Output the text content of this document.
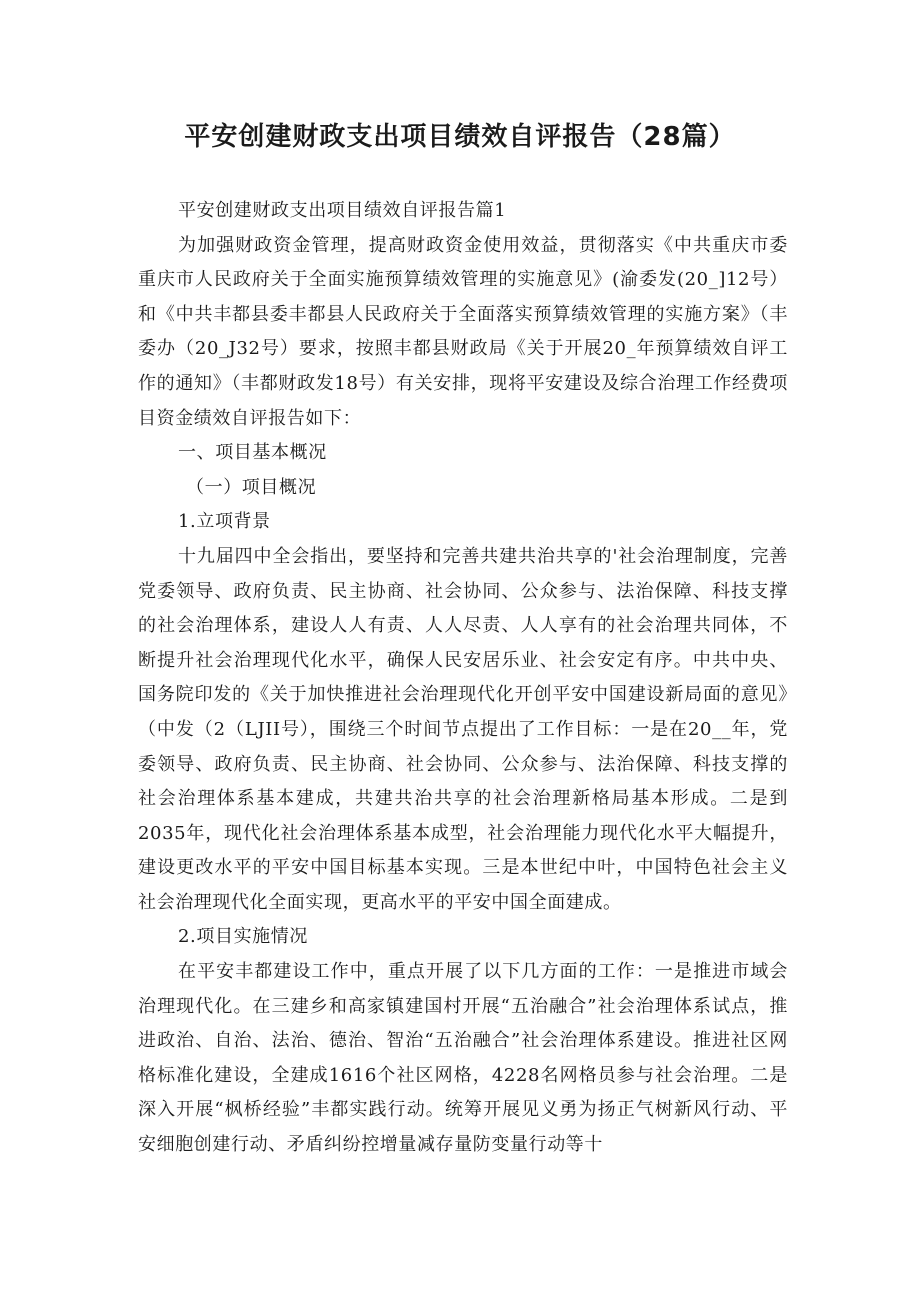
平安创建财政支出项目绩效自评报告（28篇）

平安创建财政支出项目绩效自评报告篇1

为加强财政资金管理，提高财政资金使用效益，贯彻落实《中共重庆市委重庆市人民政府关于全面实施预算绩效管理的实施意见》(渝委发(20_]12号）和《中共丰都县委丰都县人民政府关于全面落实预算绩效管理的实施方案》（丰委办（20_J32号）要求，按照丰都县财政局《关于开展20_年预算绩效自评工作的通知》（丰都财政发18号）有关安排，现将平安建设及综合治理工作经费项目资金绩效自评报告如下：

一、项目基本概况

（一）项目概况

1.立项背景

十九届四中全会指出，要坚持和完善共建共治共享的'社会治理制度，完善党委领导、政府负责、民主协商、社会协同、公众参与、法治保障、科技支撑的社会治理体系，建设人人有责、人人尽责、人人享有的社会治理共同体，不断提升社会治理现代化水平，确保人民安居乐业、社会安定有序。中共中央、国务院印发的《关于加快推进社会治理现代化开创平安中国建设新局面的意见》（中发（2（LJII号），围绕三个时间节点提出了工作目标：一是在20__年，党委领导、政府负责、民主协商、社会协同、公众参与、法治保障、科技支撑的社会治理体系基本建成，共建共治共享的社会治理新格局基本形成。二是到2035年，现代化社会治理体系基本成型，社会治理能力现代化水平大幅提升，建设更改水平的平安中国目标基本实现。三是本世纪中叶，中国特色社会主义社会治理现代化全面实现，更高水平的平安中国全面建成。

2.项目实施情况

在平安丰都建设工作中，重点开展了以下几方面的工作：一是推进市域会治理现代化。在三建乡和高家镇建国村开展“五治融合”社会治理体系试点，推进政治、自治、法治、德治、智治“五治融合”社会治理体系建设。推进社区网格标准化建设，全建成1616个社区网格，4228名网格员参与社会治理。二是深入开展“枫桥经验”丰都实践行动。统筹开展见义勇为扬正气树新风行动、平安细胞创建行动、矛盾纠纷控增量减存量防变量行动等十
